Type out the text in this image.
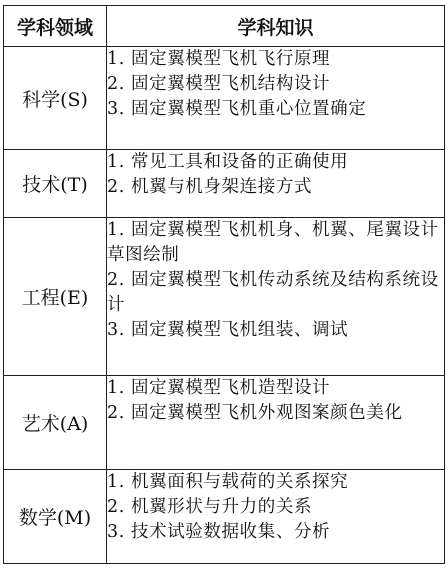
学科领域	学科知识
科学(S)	1. 固定翼模型飞机飞行原理
2. 固定翼模型飞机结构设计
3. 固定翼模型飞机重心位置确定

技术(T)	1. 常见工具和设备的正确使用
2. 机翼与机身架连接方式

工程(E)	1. 固定翼模型飞机机身、机翼、尾翼设计草图绘制
2. 固定翼模型飞机传动系统及结构系统设计
3. 固定翼模型飞机组装、调试

艺术(A)	1. 固定翼模型飞机造型设计
2. 固定翼模型飞机外观图案颜色美化

数学(M)	1. 机翼面积与载荷的关系探究
2. 机翼形状与升力的关系
3. 技术试验数据收集、分析
